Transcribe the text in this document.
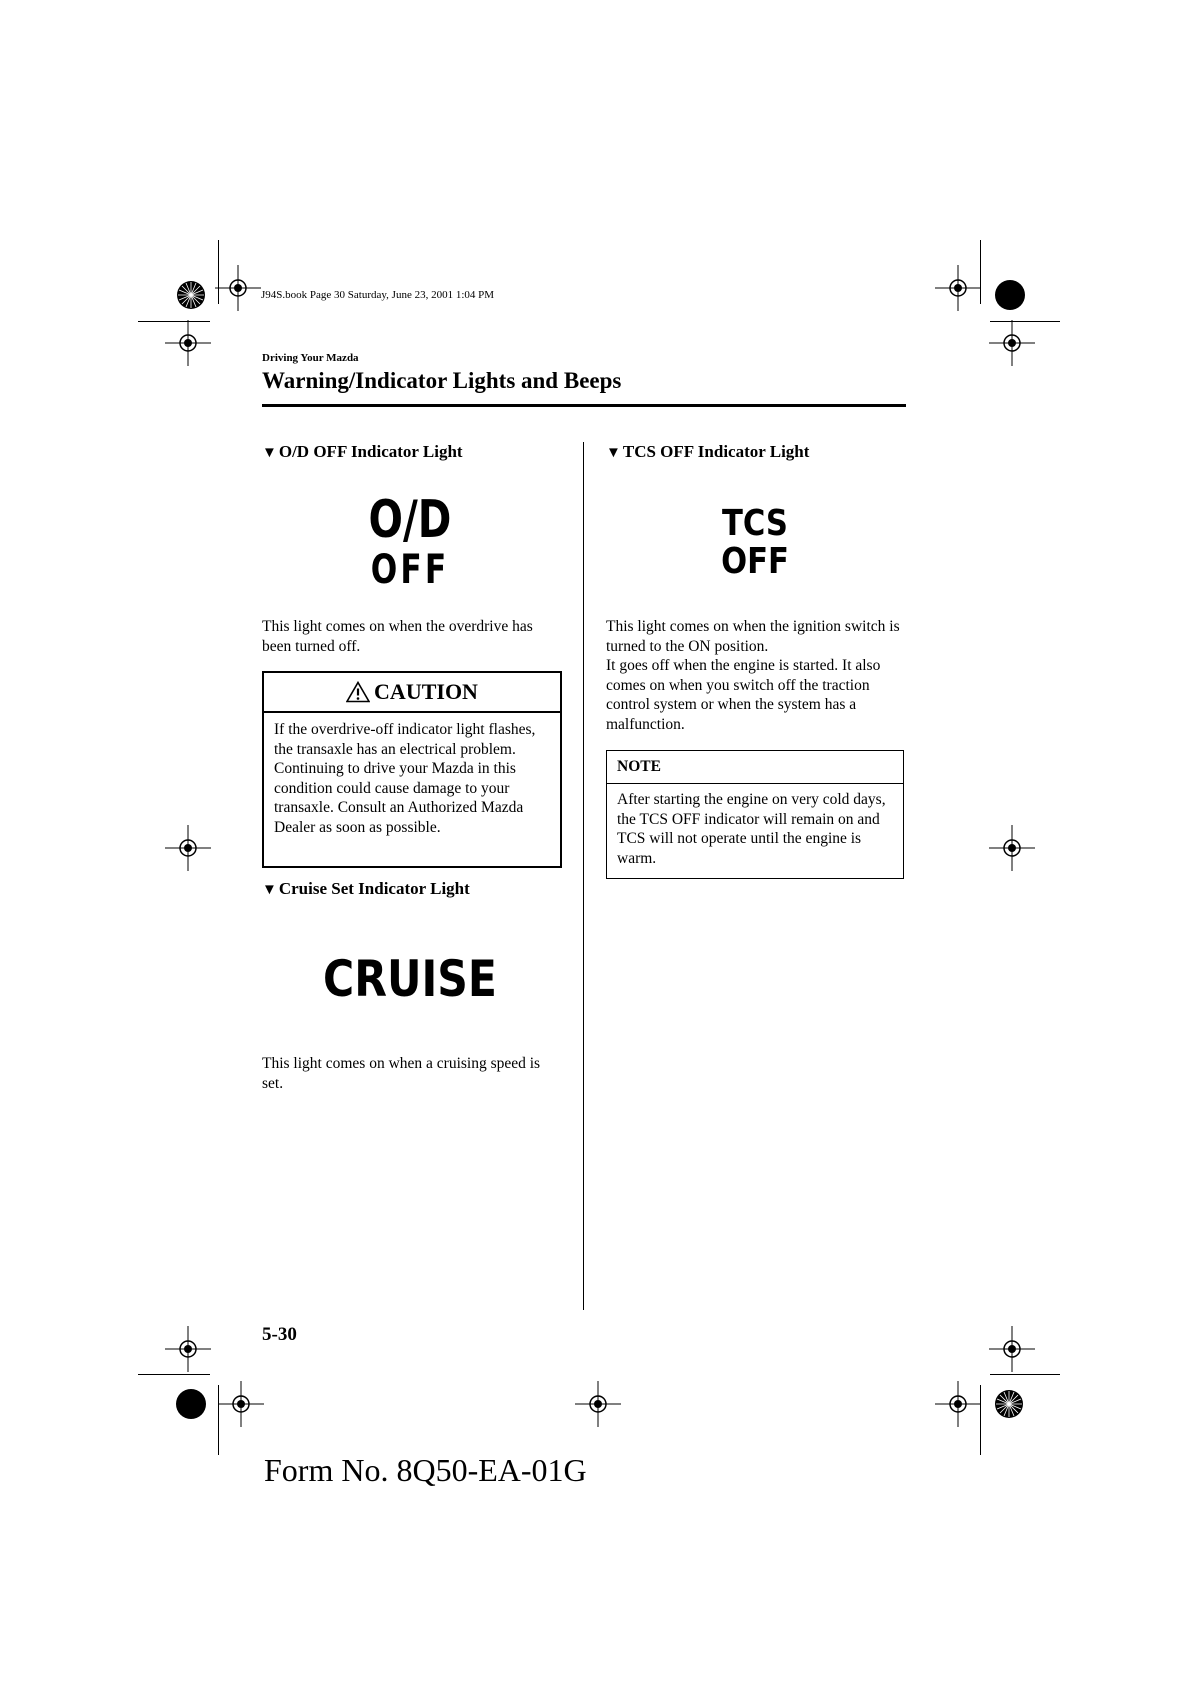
J94S.book Page 30 Saturday, June 23, 2001 1:04 PM
Driving Your Mazda
Warning/Indicator Lights and Beeps
▼ O/D OFF Indicator Light
O/D
OFF
This light comes on when the overdrive has been turned off.
CAUTION
If the overdrive-off indicator light flashes, the transaxle has an electrical problem. Continuing to drive your Mazda in this condition could cause damage to your transaxle. Consult an Authorized Mazda Dealer as soon as possible.
▼ Cruise Set Indicator Light
CRUISE
This light comes on when a cruising speed is set.
▼ TCS OFF Indicator Light
TCS
OFF
This light comes on when the ignition switch is turned to the ON position.
It goes off when the engine is started. It also comes on when you switch off the traction control system or when the system has a malfunction.
NOTE
After starting the engine on very cold days, the TCS OFF indicator will remain on and TCS will not operate until the engine is warm.
5-30
Form No. 8Q50-EA-01G
